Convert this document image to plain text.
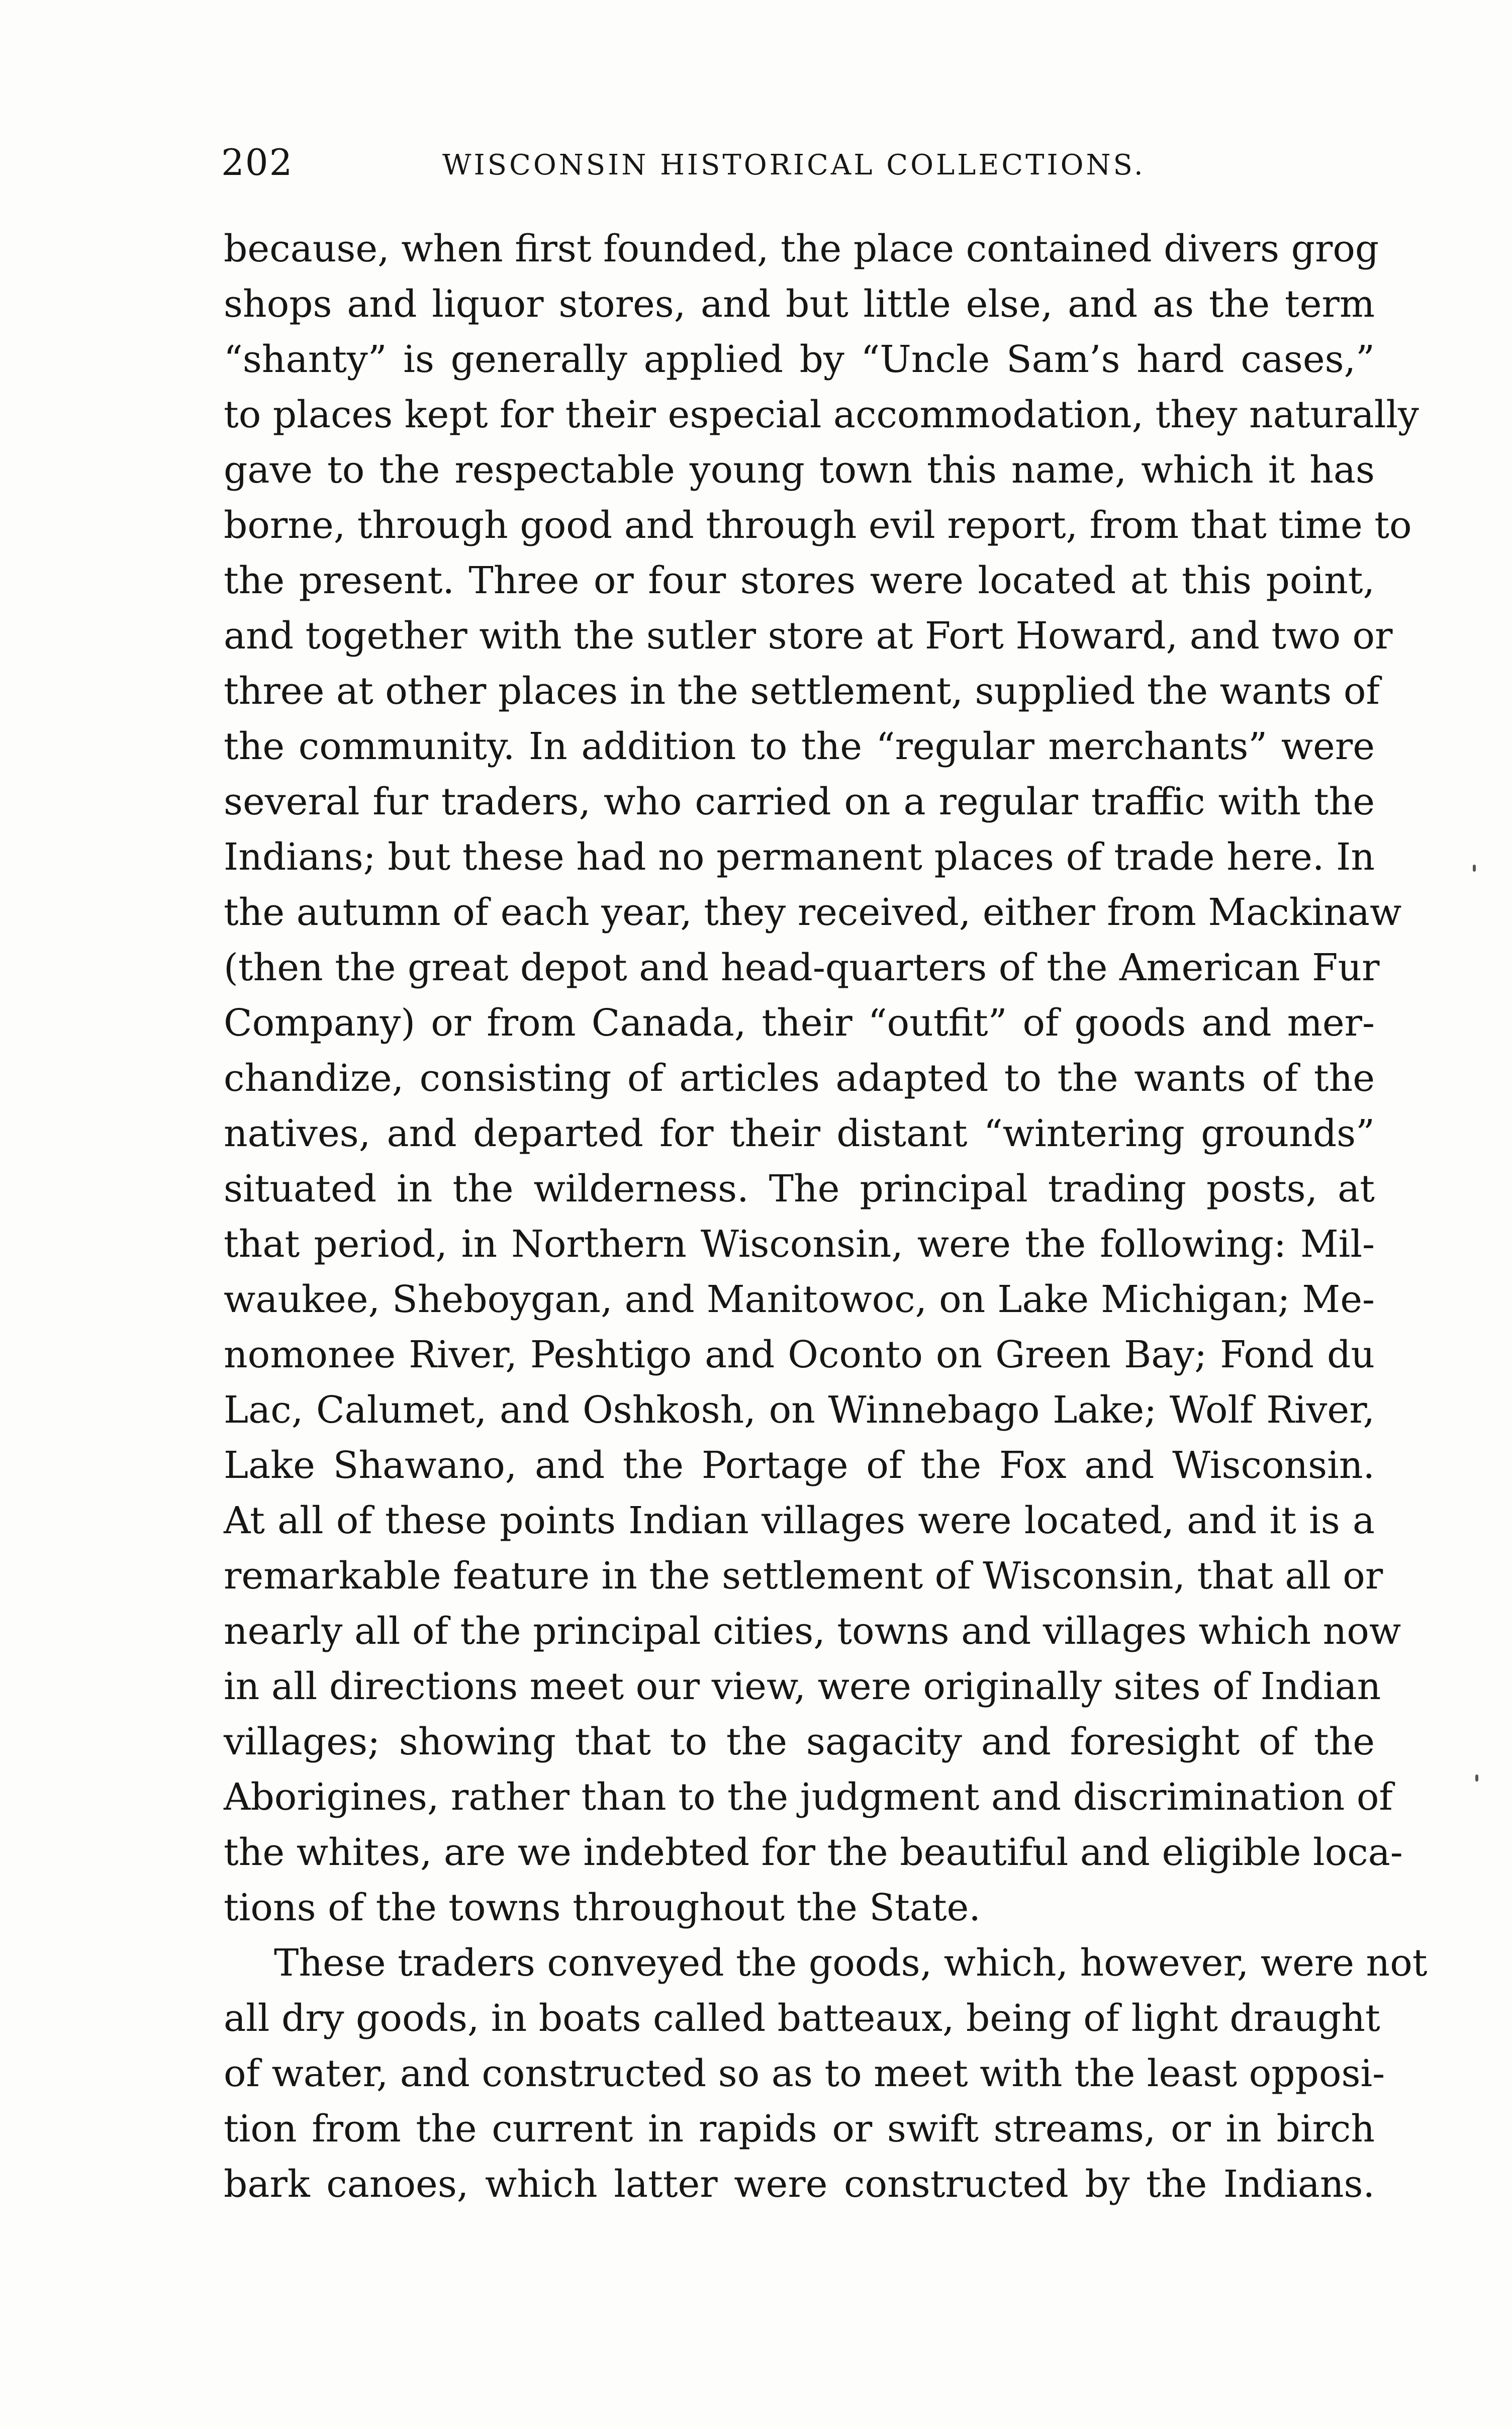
202	WISCONSIN HISTORICAL COLLECTIONS.
because, when first founded, the place contained divers grog
shops and liquor stores, and but little else, and as the term
“shanty” is generally applied by “Uncle Sam’s hard cases,”
to places kept for their especial accommodation, they naturally
gave to the respectable young town this name, which it has
borne, through good and through evil report, from that time to
the present. Three or four stores were located at this point,
and together with the sutler store at Fort Howard, and two or
three at other places in the settlement, supplied the wants of
the community. In addition to the “regular merchants” were
several fur traders, who carried on a regular traffic with the
Indians; but these had no permanent places of trade here. In
the autumn of each year, they received, either from Mackinaw
(then the great depot and head-quarters of the American Fur
Company) or from Canada, their “outfit” of goods and mer-
chandize, consisting of articles adapted to the wants of the
natives, and departed for their distant “wintering grounds”
situated in the wilderness. The principal trading posts, at
that period, in Northern Wisconsin, were the following: Mil-
waukee, Sheboygan, and Manitowoc, on Lake Michigan; Me-
nomonee River, Peshtigo and Oconto on Green Bay; Fond du
Lac, Calumet, and Oshkosh, on Winnebago Lake; Wolf River,
Lake Shawano, and the Portage of the Fox and Wisconsin.
At all of these points Indian villages were located, and it is a
remarkable feature in the settlement of Wisconsin, that all or
nearly all of the principal cities, towns and villages which now
in all directions meet our view, were originally sites of Indian
villages; showing that to the sagacity and foresight of the
Aborigines, rather than to the judgment and discrimination of
the whites, are we indebted for the beautiful and eligible loca-
tions of the towns throughout the State.
These traders conveyed the goods, which, however, were not
all dry goods, in boats called batteaux, being of light draught
of water, and constructed so as to meet with the least opposi-
tion from the current in rapids or swift streams, or in birch
bark canoes, which latter were constructed by the Indians.
